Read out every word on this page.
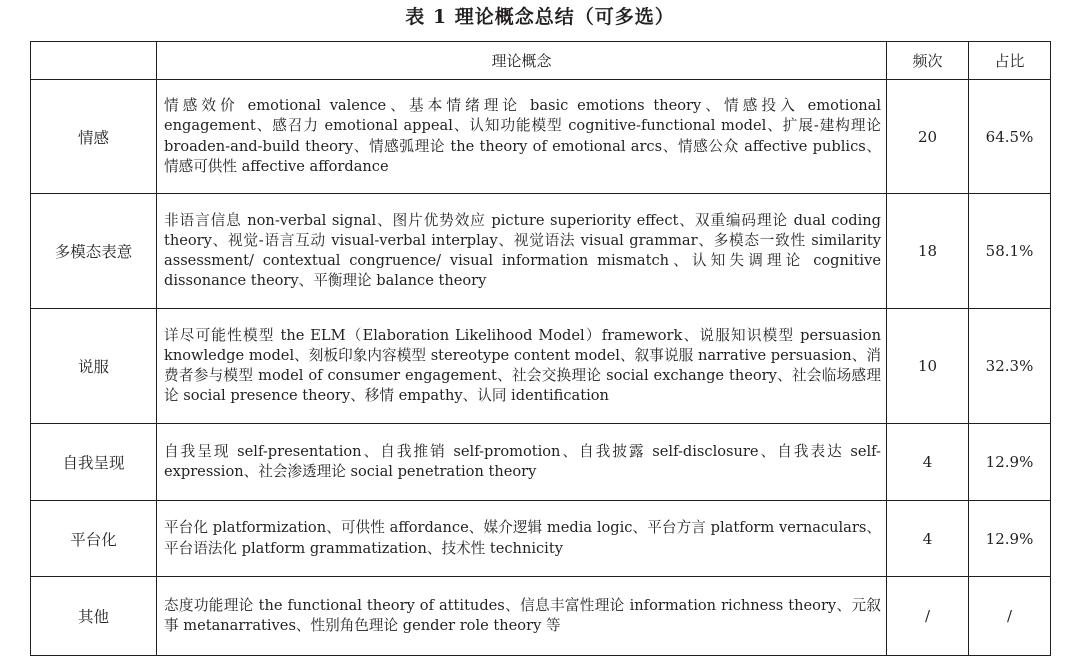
表 1 理论概念总结（可多选）
	理论概念	频次	占比
情感	情感效价 emotional valence、基本情绪理论 basic emotions theory、情感投入 emotional engagement、感召力 emotional appeal、认知功能模型 cognitive-functional model、扩展-建构理论 broaden-and-build theory、情感弧理论 the theory of emotional arcs、情感公众 affective publics、情感可供性 affective affordance	20	64.5%
多模态表意	非语言信息 non-verbal signal、图片优势效应 picture superiority effect、双重编码理论 dual coding theory、视觉-语言互动 visual-verbal interplay、视觉语法 visual grammar、多模态一致性 similarity assessment/ contextual congruence/ visual information mismatch、认知失调理论 cognitive dissonance theory、平衡理论 balance theory	18	58.1%
说服	详尽可能性模型 the ELM（Elaboration Likelihood Model）framework、说服知识模型 persuasion knowledge model、刻板印象内容模型 stereotype content model、叙事说服 narrative persuasion、消费者参与模型 model of consumer engagement、社会交换理论 social exchange theory、社会临场感理论 social presence theory、移情 empathy、认同 identification	10	32.3%
自我呈现	自我呈现 self-presentation、自我推销 self-promotion、自我披露 self-disclosure、自我表达 self-expression、社会渗透理论 social penetration theory	4	12.9%
平台化	平台化 platformization、可供性 affordance、媒介逻辑 media logic、平台方言 platform vernaculars、平台语法化 platform grammatization、技术性 technicity	4	12.9%
其他	态度功能理论 the functional theory of attitudes、信息丰富性理论 information richness theory、元叙事 metanarratives、性别角色理论 gender role theory 等	/	/
